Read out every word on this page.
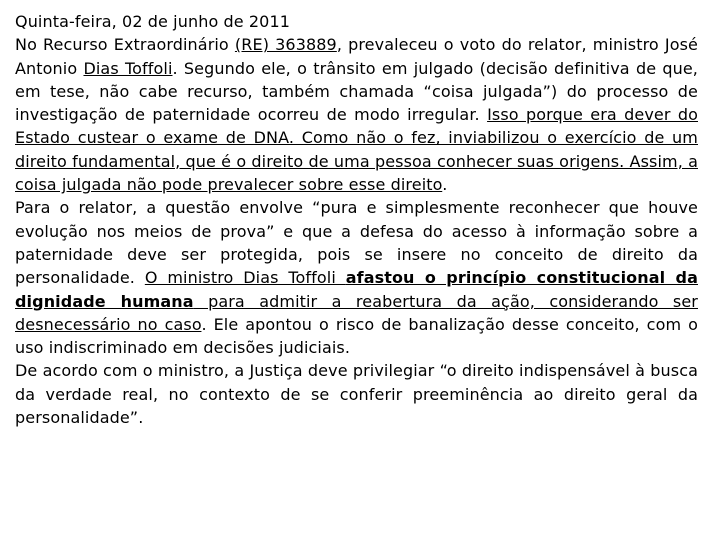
Quinta-feira, 02 de junho de 2011

No Recurso Extraordinário (RE) 363889, prevaleceu o voto do relator, ministro José Antonio Dias Toffoli. Segundo ele, o trânsito em julgado (decisão definitiva de que, em tese, não cabe recurso, também chamada “coisa julgada”) do processo de investigação de paternidade ocorreu de modo irregular. Isso porque era dever do Estado custear o exame de DNA. Como não o fez, inviabilizou o exercício de um direito fundamental, que é o direito de uma pessoa conhecer suas origens. Assim, a coisa julgada não pode prevalecer sobre esse direito.

Para o relator, a questão envolve “pura e simplesmente reconhecer que houve evolução nos meios de prova” e que a defesa do acesso à informação sobre a paternidade deve ser protegida, pois se insere no conceito de direito da personalidade. O ministro Dias Toffoli afastou o princípio constitucional da dignidade humana para admitir a reabertura da ação, considerando ser desnecessário no caso. Ele apontou o risco de banalização desse conceito, com o uso indiscriminado em decisões judiciais.

De acordo com o ministro, a Justiça deve privilegiar “o direito indispensável à busca da verdade real, no contexto de se conferir preeminência ao direito geral da personalidade”.
